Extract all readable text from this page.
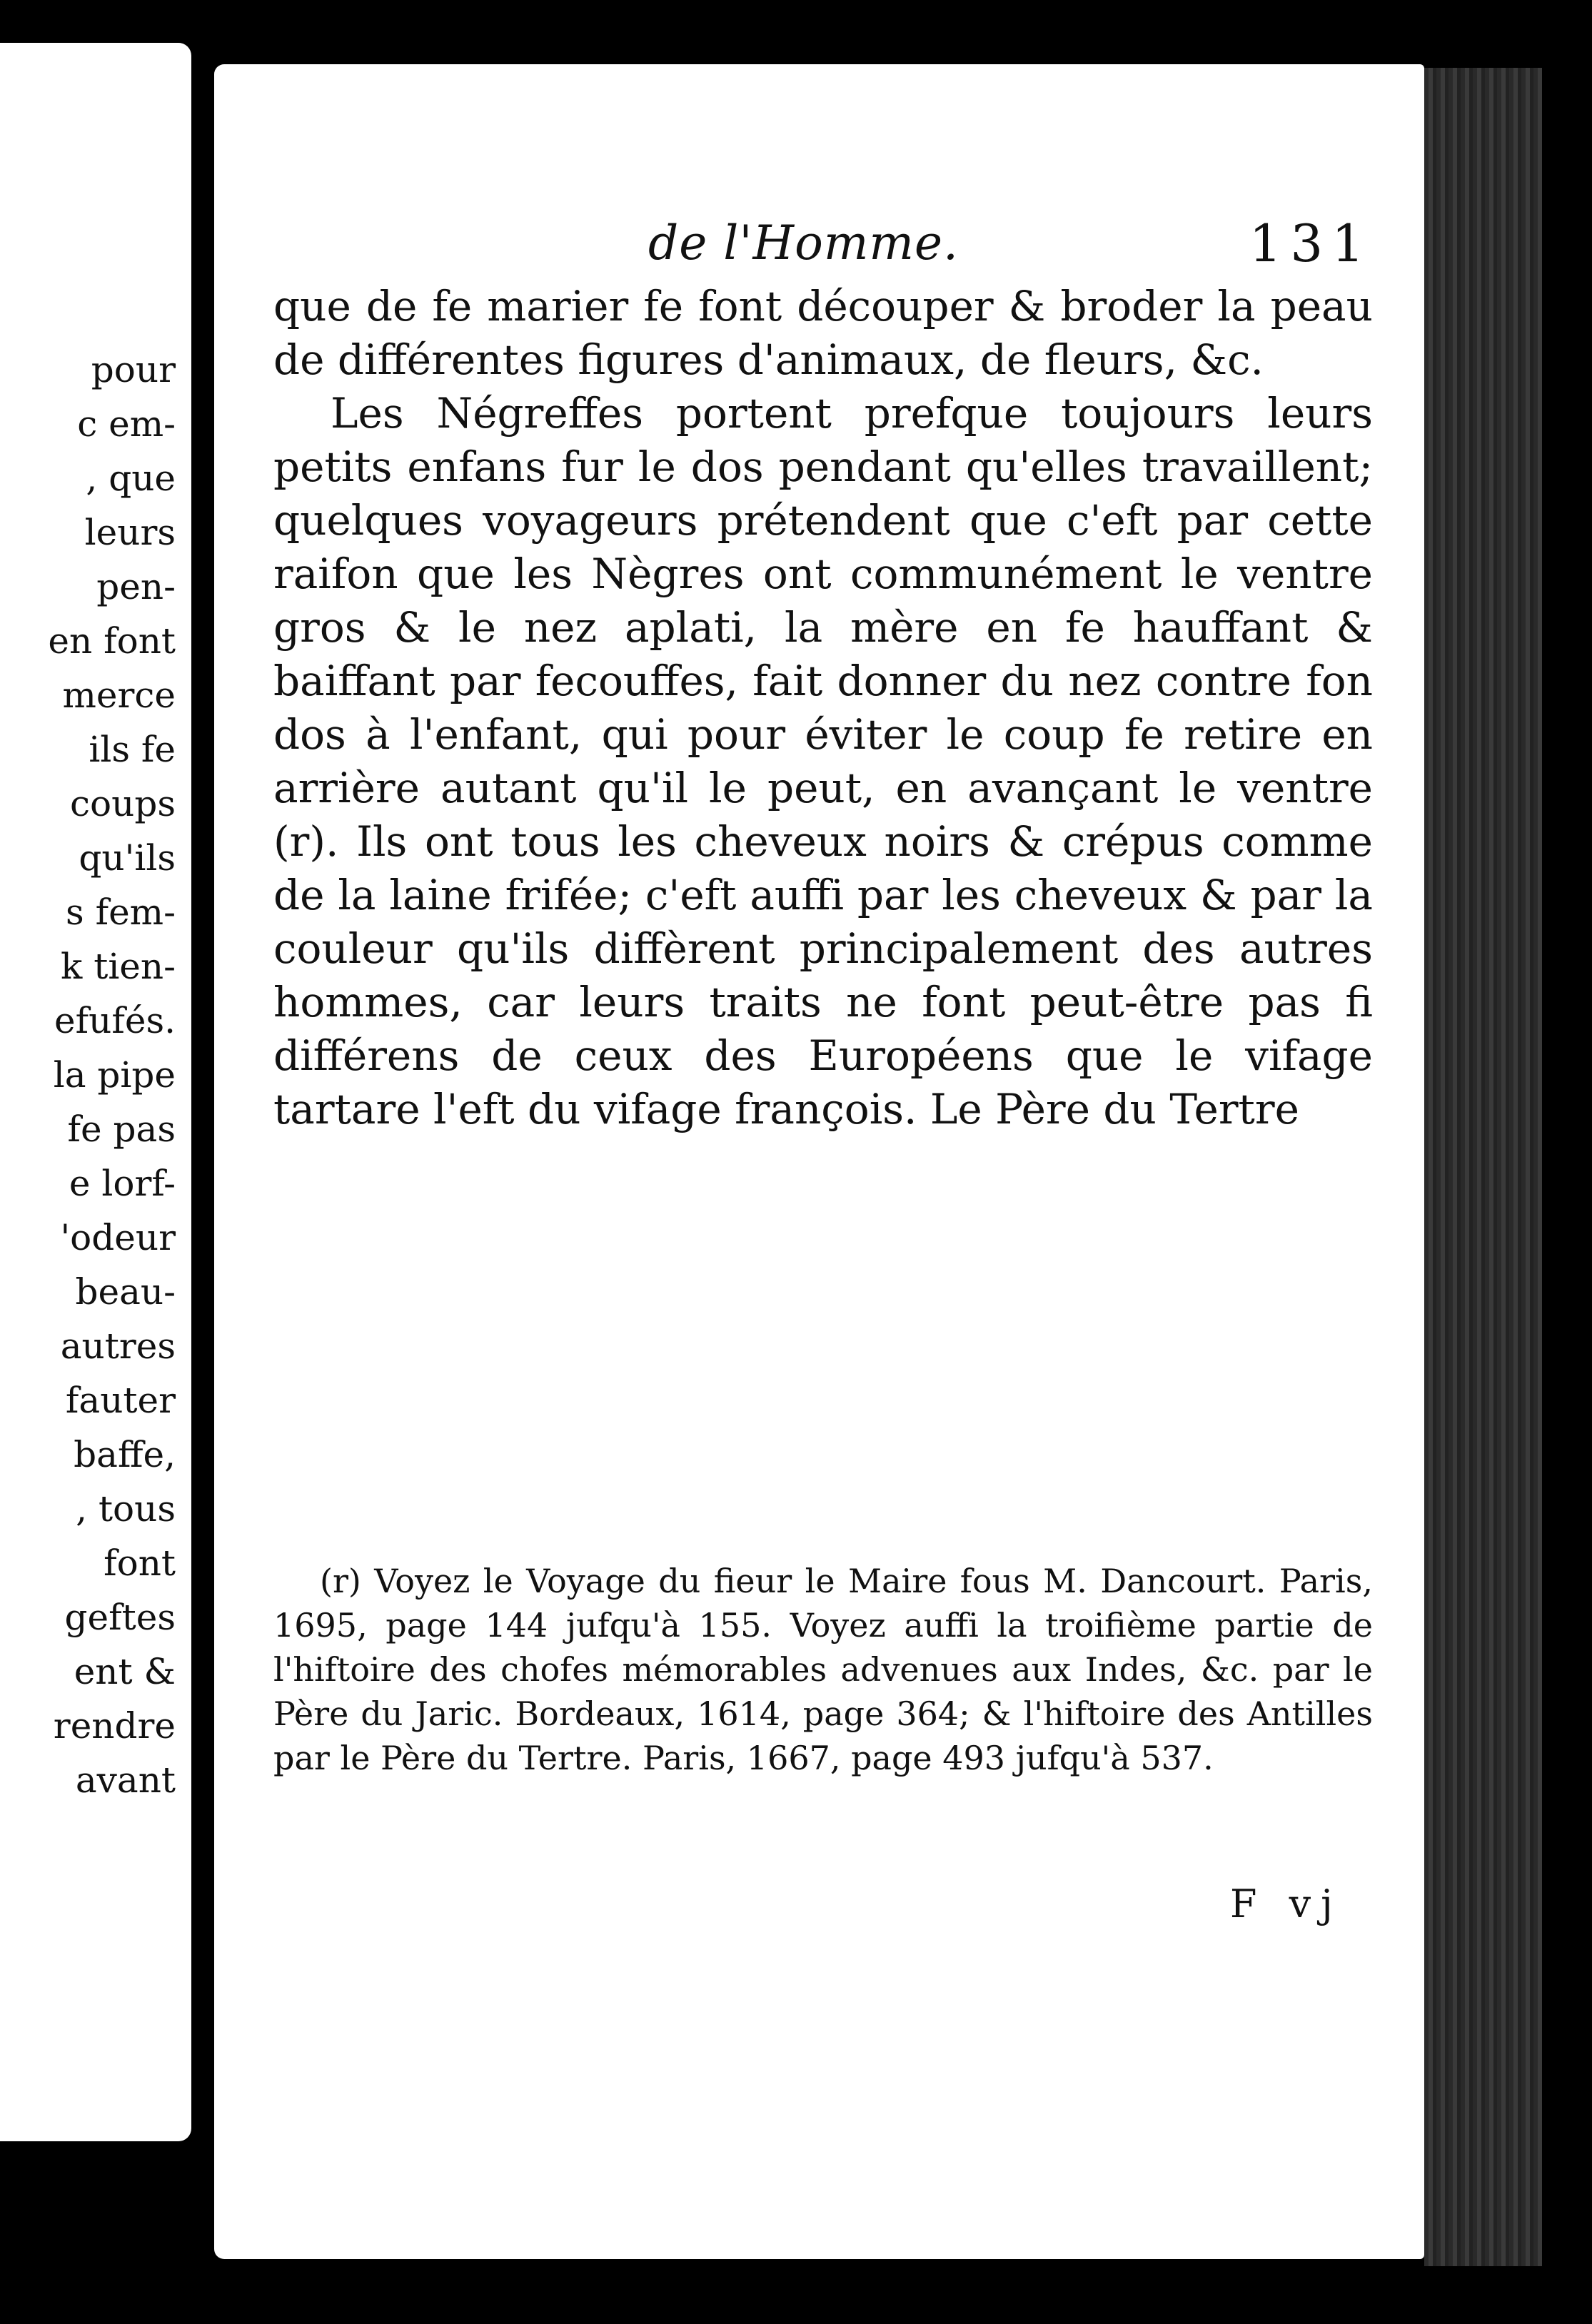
pour
c em-
, que
leurs
pen-
en font
merce
ils fe
coups
qu'ils
s fem-
k tien-
efufés.
la pipe
fe pas
e lorf-
'odeur
beau-
autres
fauter
baffe,
, tous
font
geftes
ent &
rendre
avant
de l'Homme.	131

que de fe marier fe font découper & broder la peau de différentes figures d'animaux, de fleurs, &c.

Les Négreffes portent prefque toujours leurs petits enfans fur le dos pendant qu'elles travaillent; quelques voyageurs prétendent que c'eft par cette raifon que les Nègres ont communément le ventre gros & le nez aplati, la mère en fe hauffant & baiffant par fecouffes, fait donner du nez contre fon dos à l'enfant, qui pour éviter le coup fe retire en arrière autant qu'il le peut, en avançant le ventre (r). Ils ont tous les cheveux noirs & crépus comme de la laine frifée; c'eft auffi par les cheveux & par la couleur qu'ils diffèrent principalement des autres hommes, car leurs traits ne font peut-être pas fi différens de ceux des Européens que le vifage tartare l'eft du vifage françois. Le Père du Tertre

(r) Voyez le Voyage du fieur le Maire fous M. Dancourt. Paris, 1695, page 144 jufqu'à 155. Voyez auffi la troifième partie de l'hiftoire des chofes mémorables advenues aux Indes, &c. par le Père du Jaric. Bordeaux, 1614, page 364; & l'hiftoire des Antilles par le Père du Tertre. Paris, 1667, page 493 jufqu'à 537.

F vj
